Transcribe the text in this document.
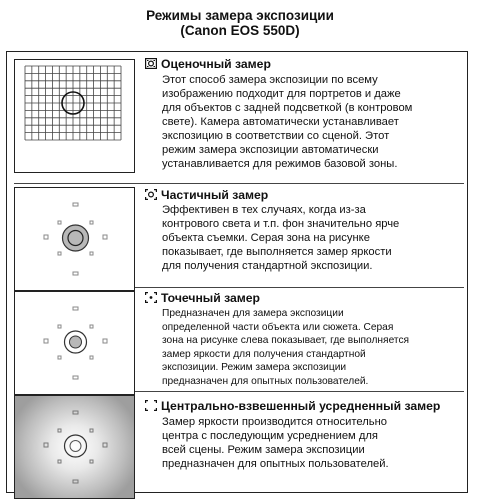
Режимы замера экспозиции
(Canon EOS 550D)
Оценочный замер
Этот способ замера экспозиции по всему
изображению подходит для портретов и даже
для объектов с задней подсветкой (в контровом
свете). Камера автоматически устанавливает
экспозицию в соответствии со сценой. Этот
режим замера экспозиции автоматически
устанавливается для режимов базовой зоны.
Частичный замер
Эффективен в тех случаях, когда из-за
контрового света и т.п. фон значительно ярче
объекта съемки. Серая зона на рисунке
показывает, где выполняется замер яркости
для получения стандартной экспозиции.
Точечный замер
Предназначен для замера экспозиции
определенной части объекта или сюжета. Серая
зона на рисунке слева показывает, где выполняется
замер яркости для получения стандартной
экспозиции. Режим замера экспозиции
предназначен для опытных пользователей.
Центрально-взвешенный усредненный замер
Замер яркости производится относительно
центра с последующим усреднением для
всей сцены. Режим замера экспозиции
предназначен для опытных пользователей.
